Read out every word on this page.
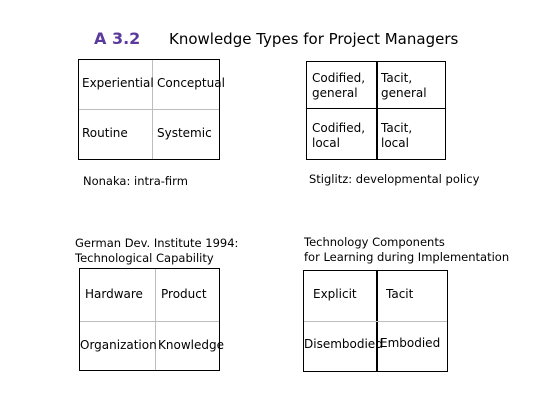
A 3.2 Knowledge Types for Project Managers
Experiential Conceptual
Routine Systemic
Nonaka: intra-firm
Codified,
general
Tacit,
general
Codified,
local
Tacit,
local
Stiglitz: developmental policy
German Dev. Institute 1994:
Technological Capability
Hardware Product
Organization Knowledge
Technology Components
for Learning during Implementation
Explicit Tacit
Disembodied
Embodied
